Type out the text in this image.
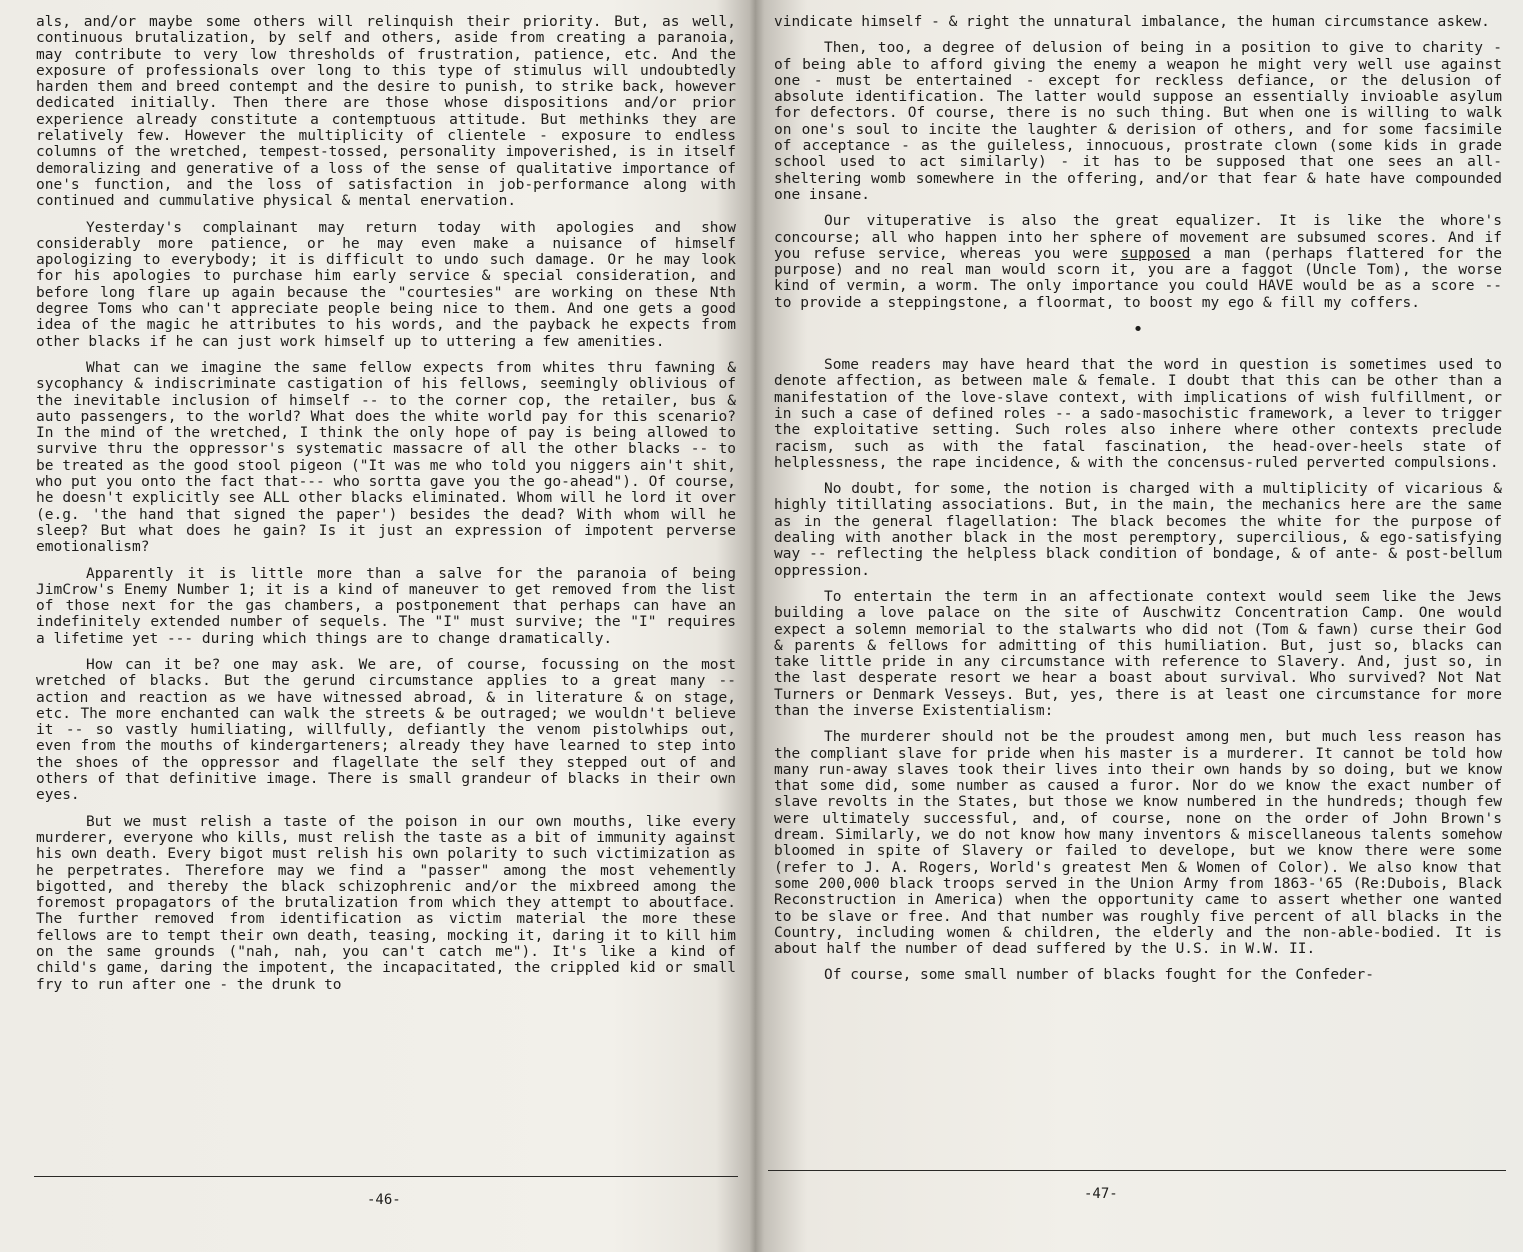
als, and/or maybe some others will relinquish their priority. But, as well, continuous brutalization, by self and others, aside from creating a paranoia, may contribute to very low thresholds of frustration, patience, etc. And the exposure of professionals over long to this type of stimulus will undoubtedly harden them and breed contempt and the desire to punish, to strike back, however dedicated initially. Then there are those whose dispositions and/or prior experience already constitute a contemptuous attitude. But methinks they are relatively few. However the multiplicity of clientele - exposure to endless columns of the wretched, tempest-tossed, personality impoverished, is in itself demoralizing and generative of a loss of the sense of qualitative importance of one's function, and the loss of satisfaction in job-performance along with continued and cummulative physical & mental enervation.

Yesterday's complainant may return today with apologies and show considerably more patience, or he may even make a nuisance of himself apologizing to everybody; it is difficult to undo such damage. Or he may look for his apologies to purchase him early service & special consideration, and before long flare up again because the "courtesies" are working on these Nth degree Toms who can't appreciate people being nice to them. And one gets a good idea of the magic he attributes to his words, and the payback he expects from other blacks if he can just work himself up to uttering a few amenities.

What can we imagine the same fellow expects from whites thru fawning & sycophancy & indiscriminate castigation of his fellows, seemingly oblivious of the inevitable inclusion of himself -- to the corner cop, the retailer, bus & auto passengers, to the world? What does the white world pay for this scenario? In the mind of the wretched, I think the only hope of pay is being allowed to survive thru the oppressor's systematic massacre of all the other blacks -- to be treated as the good stool pigeon ("It was me who told you niggers ain't shit, who put you onto the fact that--- who sortta gave you the go-ahead"). Of course, he doesn't explicitly see ALL other blacks eliminated. Whom will he lord it over (e.g. 'the hand that signed the paper') besides the dead? With whom will he sleep? But what does he gain? Is it just an expression of impotent perverse emotionalism?

Apparently it is little more than a salve for the paranoia of being JimCrow's Enemy Number 1; it is a kind of maneuver to get removed from the list of those next for the gas chambers, a postponement that perhaps can have an indefinitely extended number of sequels. The "I" must survive; the "I" requires a lifetime yet --- during which things are to change dramatically.

How can it be? one may ask. We are, of course, focussing on the most wretched of blacks. But the gerund circumstance applies to a great many -- action and reaction as we have witnessed abroad, & in literature & on stage, etc. The more enchanted can walk the streets & be outraged; we wouldn't believe it -- so vastly humiliating, willfully, defiantly the venom pistolwhips out, even from the mouths of kindergarteners; already they have learned to step into the shoes of the oppressor and flagellate the self they stepped out of and others of that definitive image. There is small grandeur of blacks in their own eyes.

But we must relish a taste of the poison in our own mouths, like every murderer, everyone who kills, must relish the taste as a bit of immunity against his own death. Every bigot must relish his own polarity to such victimization as he perpetrates. Therefore may we find a "passer" among the most vehemently bigotted, and thereby the black schizophrenic and/or the mixbreed among the foremost propagators of the brutalization from which they attempt to aboutface. The further removed from identification as victim material the more these fellows are to tempt their own death, teasing, mocking it, daring it to kill him on the same grounds ("nah, nah, you can't catch me"). It's like a kind of child's game, daring the impotent, the incapacitated, the crippled kid or small fry to run after one - the drunk to

-46-

vindicate himself - & right the unnatural imbalance, the human circumstance askew.

Then, too, a degree of delusion of being in a position to give to charity - of being able to afford giving the enemy a weapon he might very well use against one - must be entertained - except for reckless defiance, or the delusion of absolute identification. The latter would suppose an essentially invioable asylum for defectors. Of course, there is no such thing. But when one is willing to walk on one's soul to incite the laughter & derision of others, and for some facsimile of acceptance - as the guileless, innocuous, prostrate clown (some kids in grade school used to act similarly) - it has to be supposed that one sees an all-sheltering womb somewhere in the offering, and/or that fear & hate have compounded one insane.

Our vituperative is also the great equalizer. It is like the whore's concourse; all who happen into her sphere of movement are subsumed scores. And if you refuse service, whereas you were supposed a man (perhaps flattered for the purpose) and no real man would scorn it, you are a faggot (Uncle Tom), the worse kind of vermin, a worm. The only importance you could HAVE would be as a score -- to provide a steppingstone, a floormat, to boost my ego & fill my coffers.

•

Some readers may have heard that the word in question is sometimes used to denote affection, as between male & female. I doubt that this can be other than a manifestation of the love-slave context, with implications of wish fulfillment, or in such a case of defined roles -- a sado-masochistic framework, a lever to trigger the exploitative setting. Such roles also inhere where other contexts preclude racism, such as with the fatal fascination, the head-over-heels state of helplessness, the rape incidence, & with the concensus-ruled perverted compulsions.

No doubt, for some, the notion is charged with a multiplicity of vicarious & highly titillating associations. But, in the main, the mechanics here are the same as in the general flagellation: The black becomes the white for the purpose of dealing with another black in the most peremptory, supercilious, & ego-satisfying way -- reflecting the helpless black condition of bondage, & of ante- & post-bellum oppression.

To entertain the term in an affectionate context would seem like the Jews building a love palace on the site of Auschwitz Concentration Camp. One would expect a solemn memorial to the stalwarts who did not (Tom & fawn) curse their God & parents & fellows for admitting of this humiliation. But, just so, blacks can take little pride in any circumstance with reference to Slavery. And, just so, in the last desperate resort we hear a boast about survival. Who survived? Not Nat Turners or Denmark Vesseys. But, yes, there is at least one circumstance for more than the inverse Existentialism:

The murderer should not be the proudest among men, but much less reason has the compliant slave for pride when his master is a murderer. It cannot be told how many run-away slaves took their lives into their own hands by so doing, but we know that some did, some number as caused a furor. Nor do we know the exact number of slave revolts in the States, but those we know numbered in the hundreds; though few were ultimately successful, and, of course, none on the order of John Brown's dream. Similarly, we do not know how many inventors & miscellaneous talents somehow bloomed in spite of Slavery or failed to develope, but we know there were some (refer to J. A. Rogers, World's greatest Men & Women of Color). We also know that some 200,000 black troops served in the Union Army from 1863-'65 (Re:Dubois, Black Reconstruction in America) when the opportunity came to assert whether one wanted to be slave or free. And that number was roughly five percent of all blacks in the Country, including women & children, the elderly and the non-able-bodied. It is about half the number of dead suffered by the U.S. in W.W. II.

Of course, some small number of blacks fought for the Confeder-

-47-
